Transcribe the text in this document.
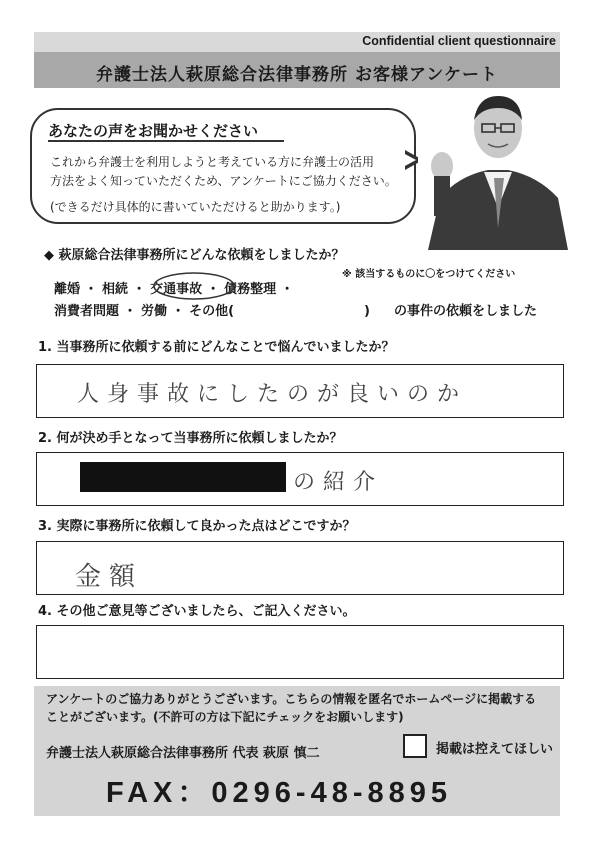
Confidential client questionnaire
弁護士法人萩原総合法律事務所 お客様アンケート
あなたの声をお聞かせください
これから弁護士を利用しようと考えている方に弁護士の活用
方法をよく知っていただくため、アンケートにご協力ください。
(できるだけ具体的に書いていただけると助かります。)
◆ 萩原総合法律事務所にどんな依頼をしましたか？
※ 該当するものに〇をつけてください
離婚 ・ 相続 ・ 交通事故 ・ 債務整理 ・
消費者問題 ・ 労働 ・ その他(　　　　　　　　　　) の事件の依頼をしました
1. 当事務所に依頼する前にどんなことで悩んでいましたか？
人身事故にしたのが良いのか
2. 何が決め手となって当事務所に依頼しましたか？
の紹介
3. 実際に事務所に依頼して良かった点はどこですか？
金額
4. その他ご意見等ございましたら、ご記入ください。
アンケートのご協力ありがとうございます。こちらの情報を匿名でホームページに掲載する
ことがございます。(不許可の方は下記にチェックをお願いします)
弁護士法人萩原総合法律事務所 代表 萩原 慎二	掲載は控えてほしい
FAX：0296-48-8895
